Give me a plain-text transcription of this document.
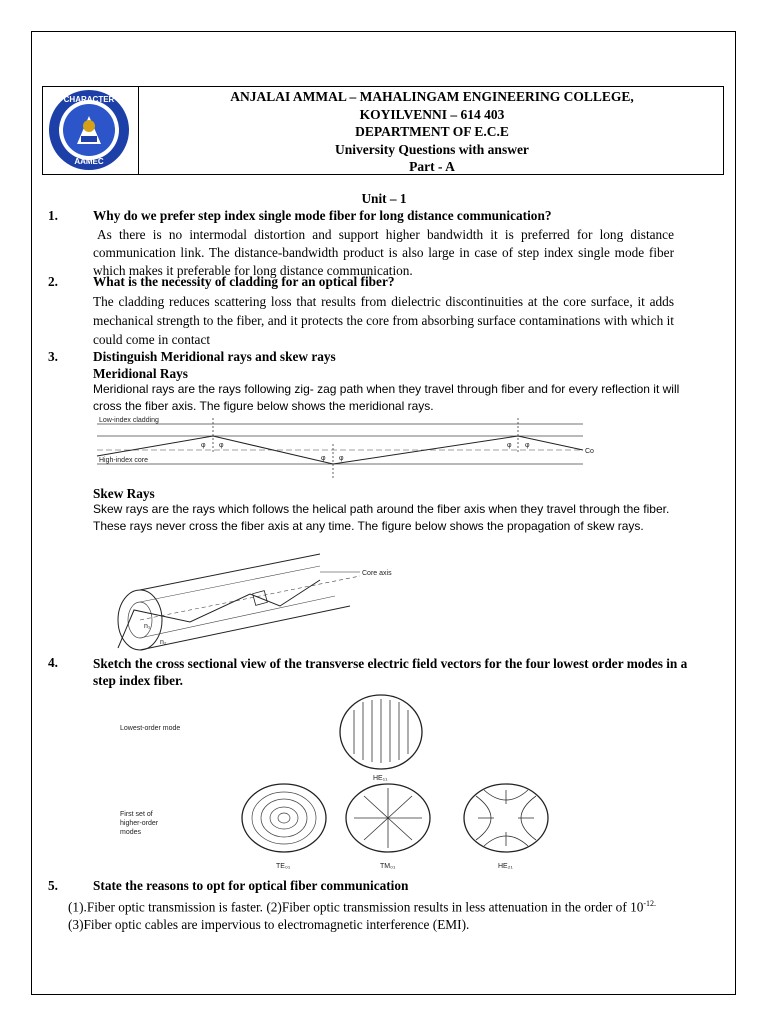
CHARACTER
AAMEC
ANJALAI AMMAL – MAHALINGAM ENGINEERING COLLEGE,
KOYILVENNI – 614 403
DEPARTMENT OF E.C.E
University Questions with answer
Part - A
Unit – 1
1.	Why do we prefer step index single mode fiber for long distance communication?
As there is no intermodal distortion and support higher bandwidth it is preferred for long distance communication link. The distance-bandwidth product is also large in case of step index single mode fiber which makes it preferable for long distance communication.
2.	What is the necessity of cladding for an optical fiber?
The cladding reduces scattering loss that results from dielectric discontinuities at the core surface, it adds mechanical strength to the fiber, and it protects the core from absorbing surface contaminations with which it could come in contact
3.	Distinguish Meridional rays and skew rays
Meridional Rays
Meridional rays are the rays following zig- zag path when they travel through fiber and for every reflection it will cross the fiber axis. The figure below shows the meridional rays.
Low-index cladding
High-index core
Co
φ φ
φ φ
φ φ
Skew Rays
Skew rays are the rays which follows the helical path around the fiber axis when they travel through the fiber. These rays never cross the fiber axis at any time. The figure below shows the propagation of skew rays.
Core axis
n₁
n₂
4.	Sketch the cross sectional view of the transverse electric field vectors for the four lowest order modes in a step index fiber.
Lowest-order mode
First set of
higher-order
modes
HE₁₁
TE₀₁	TM₀₁	HE₂₁
5.	State the reasons to opt for optical fiber communication
(1).Fiber optic transmission is faster. (2)Fiber optic transmission results in less attenuation in the order of $10^{-12.}$ (3)Fiber optic cables are impervious to electromagnetic interference (EMI).
